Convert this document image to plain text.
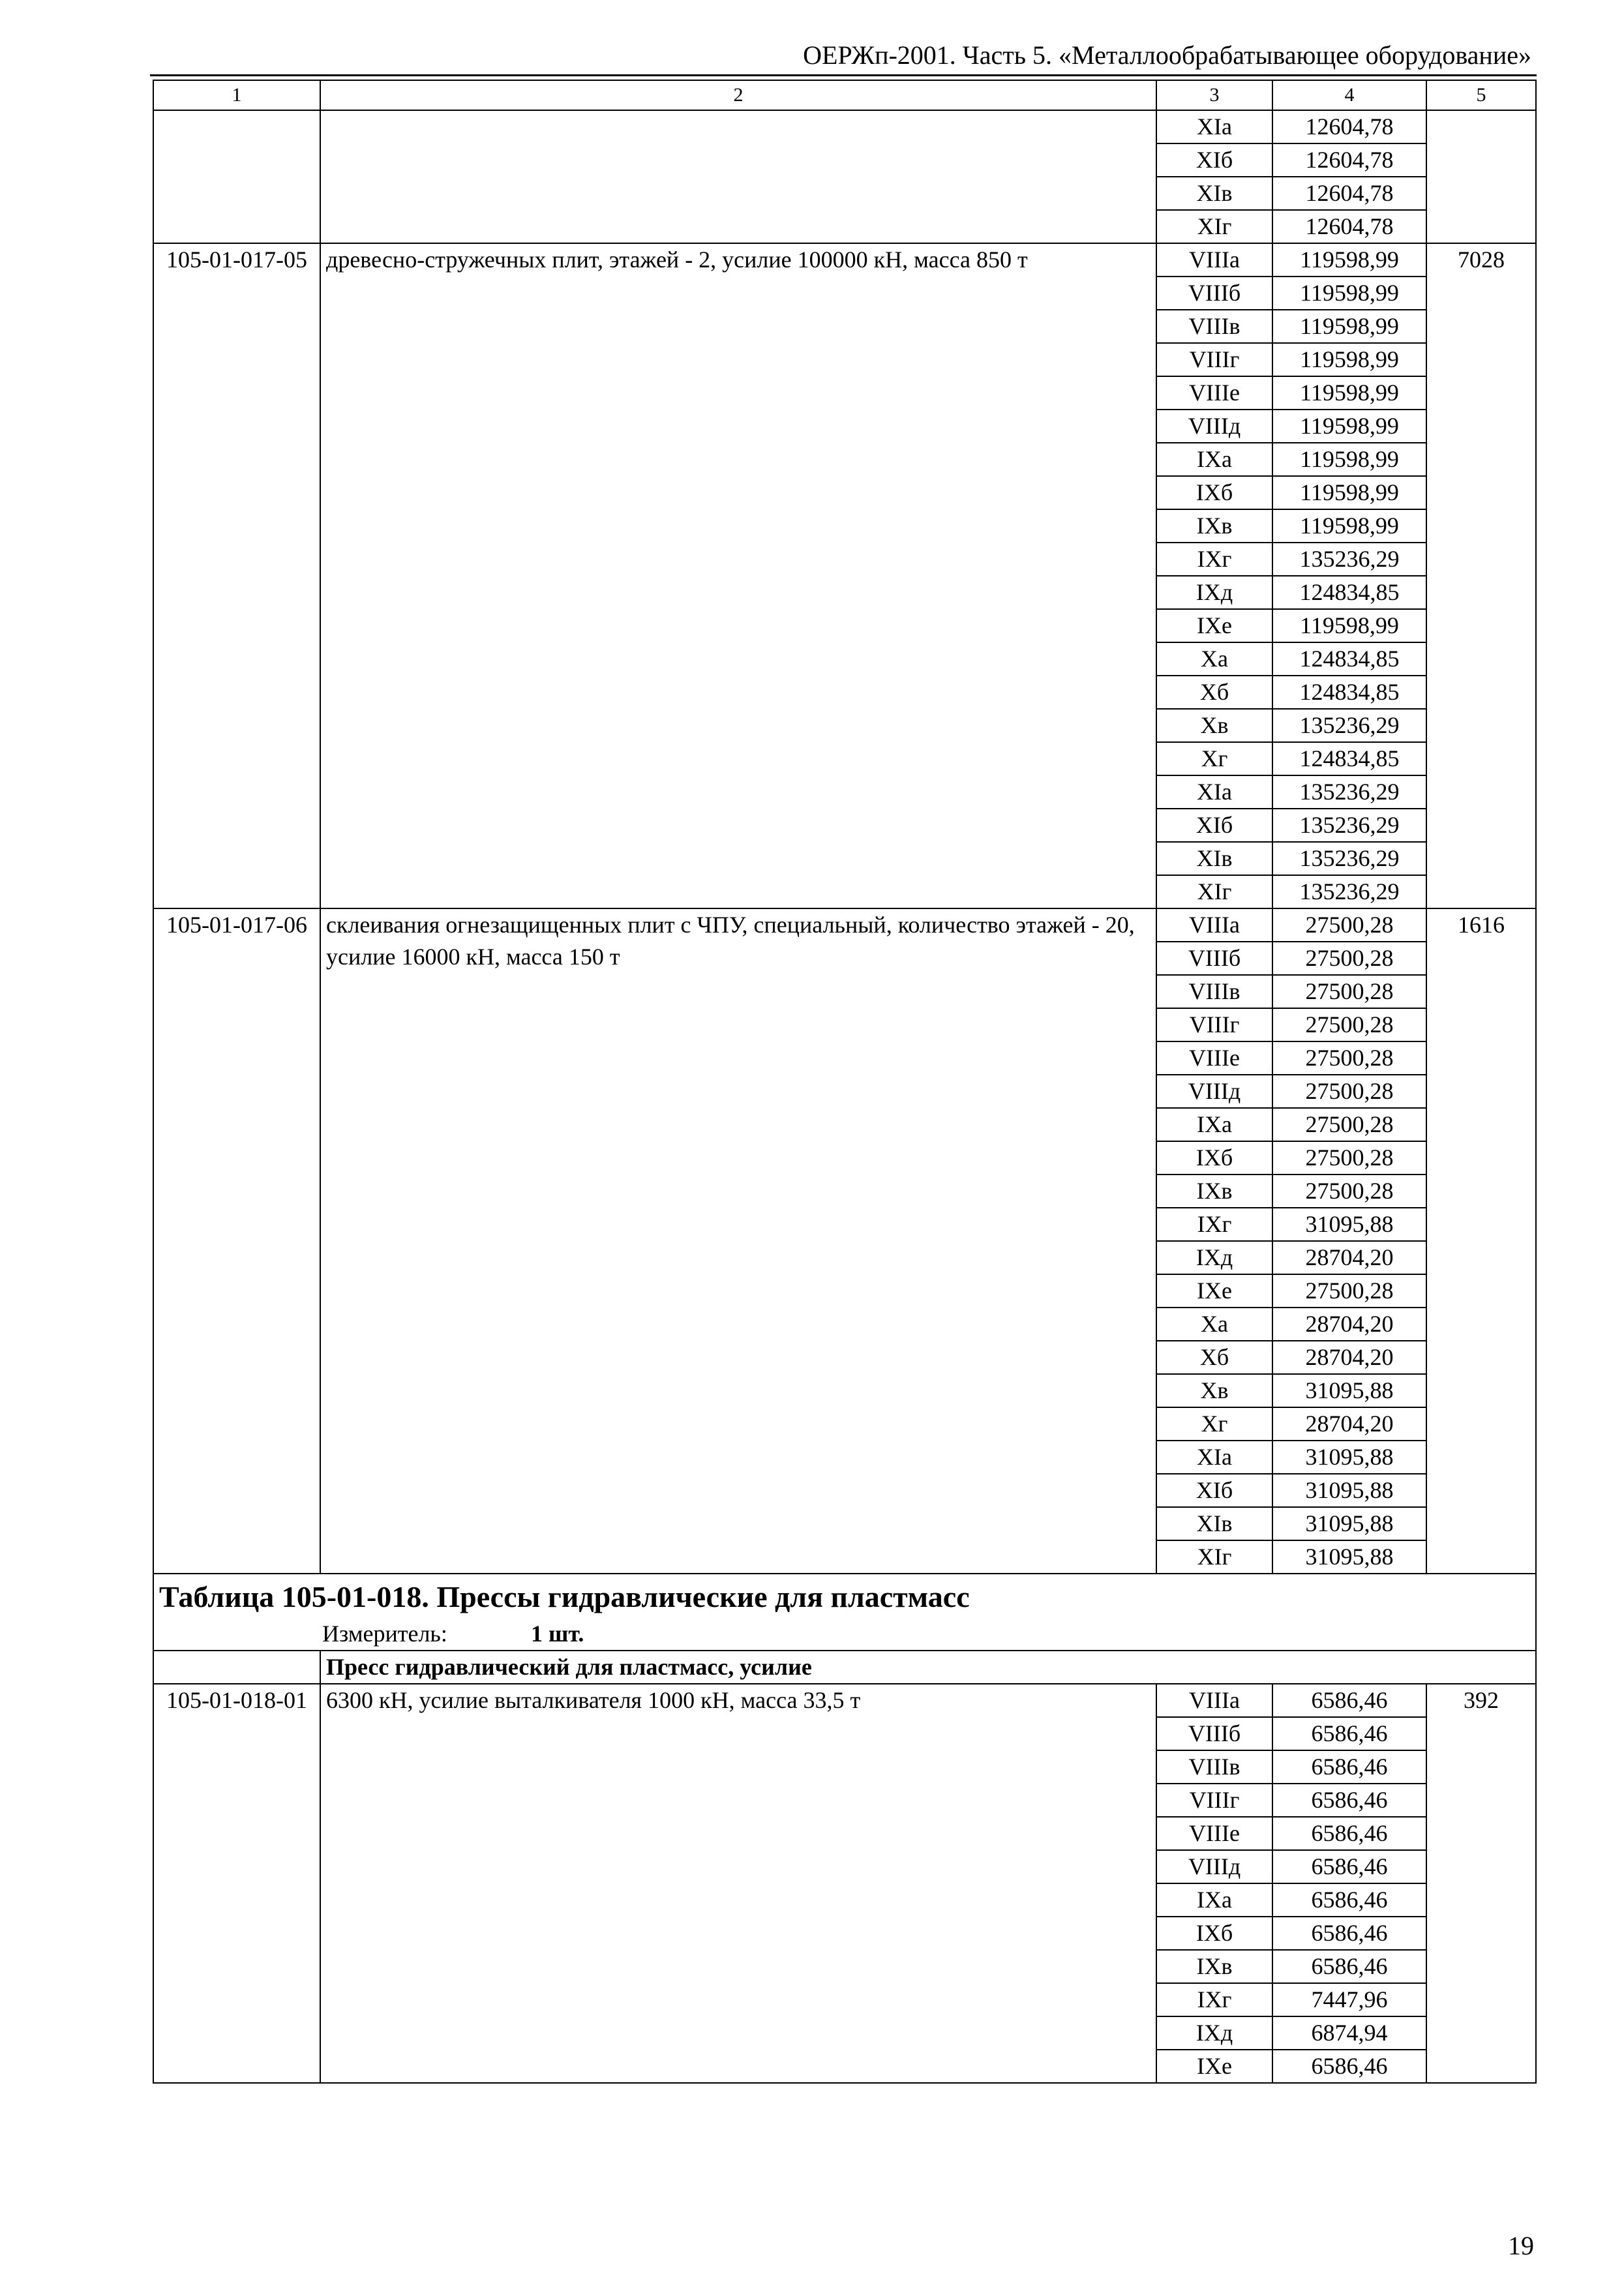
ОЕРЖп-2001. Часть 5. «Металлообрабатывающее оборудование»
1	2	3	4	5
		XIа	12604,78	
		XIб	12604,78	
		XIв	12604,78	
		XIг	12604,78	
105-01-017-05	древесно-стружечных плит, этажей - 2, усилие 100000 кН, масса 850 т	VIIIа	119598,99	7028
		VIIIб	119598,99	
		VIIIв	119598,99	
		VIIIг	119598,99	
		VIIIе	119598,99	
		VIIIд	119598,99	
		IXа	119598,99	
		IXб	119598,99	
		IXв	119598,99	
		IXг	135236,29	
		IXд	124834,85	
		IXе	119598,99	
		Xа	124834,85	
		Xб	124834,85	
		Xв	135236,29	
		Xг	124834,85	
		XIа	135236,29	
		XIб	135236,29	
		XIв	135236,29	
		XIг	135236,29	
105-01-017-06	склеивания огнезащищенных плит с ЧПУ, специальный, количество этажей - 20, усилие 16000 кН, масса 150 т	VIIIа	27500,28	1616
		VIIIб	27500,28	
		VIIIв	27500,28	
		VIIIг	27500,28	
		VIIIе	27500,28	
		VIIIд	27500,28	
		IXа	27500,28	
		IXб	27500,28	
		IXв	27500,28	
		IXг	31095,88	
		IXд	28704,20	
		IXе	27500,28	
		Xа	28704,20	
		Xб	28704,20	
		Xв	31095,88	
		Xг	28704,20	
		XIа	31095,88	
		XIб	31095,88	
		XIв	31095,88	
		XIг	31095,88	
Таблица 105-01-018. Прессы гидравлические для пластмасс
Измеритель: 1 шт.				

	Пресс гидравлический для пластмасс, усилие			
105-01-018-01	6300 кН, усилие выталкивателя 1000 кН, масса 33,5 т	VIIIа	6586,46	392
		VIIIб	6586,46	
		VIIIв	6586,46	
		VIIIг	6586,46	
		VIIIе	6586,46	
		VIIIд	6586,46	
		IXа	6586,46	
		IXб	6586,46	
		IXв	6586,46	
		IXг	7447,96	
		IXд	6874,94	
		IXе	6586,46	
19
